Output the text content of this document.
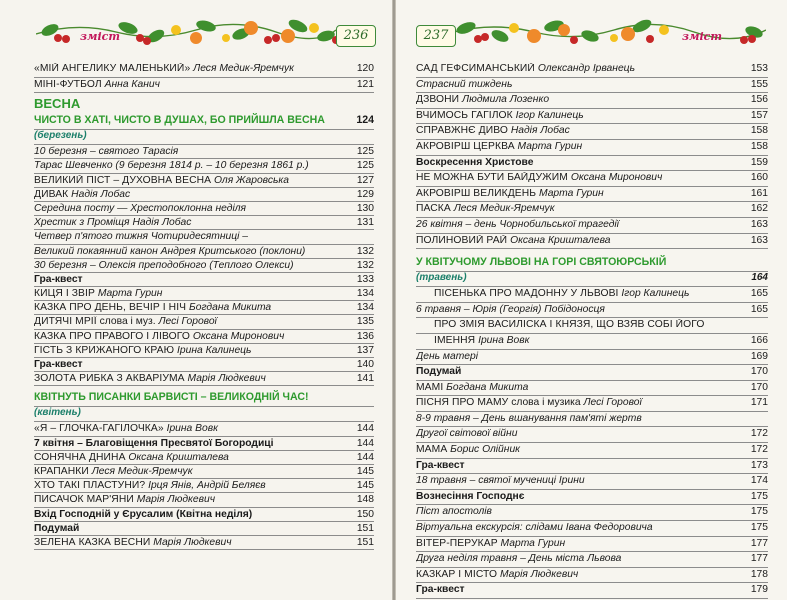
зміст	236
«МІЙ АНГЕЛИКУ МАЛЕНЬКИЙ» Леся Медик-Яремчук	120
МІНІ-ФУТБОЛ Анна Канич	121
ВЕСНА
ЧИСТО В ХАТІ, ЧИСТО В ДУШАХ, БО ПРИЙШЛА ВЕСНА	124
(березень)
10 березня – святого Тарасія	125
Тарас Шевченко (9 березня 1814 р. – 10 березня 1861 р.)	125
ВЕЛИКИЙ ПІСТ – ДУХОВНА ВЕСНА Оля Жаровська	127
ДИВАК Надія Лобас	129
Середина посту — Хрестопоклонна неділя	130
Хрестик з Проміщя Надія Лобас	131
Четвер п'ятого тижня Чотиридесятниці –
Великий покаянний канон Андрея Критського (поклони)	132
30 березня – Олексія преподобного (Теплого Олекси)	132
Гра-квест	133
КИЦЯ І ЗВІР Марта Гурин	134
КАЗКА ПРО ДЕНЬ, ВЕЧІР І НІЧ Богдана Микита	134
ДИТЯЧІ МРІЇ слова і муз. Лесі Горової	135
КАЗКА ПРО ПРАВОГО І ЛІВОГО Оксана Миронович	136
ГІСТЬ З КРИЖАНОГО КРАЮ Ірина Калинець	137
Гра-квест	140
ЗОЛОТА РИБКА З АКВАРІУМА Марія Людкевич	141
КВІТНУТЬ ПИСАНКИ БАРВИСТІ – ВЕЛИКОДНІЙ ЧАС!
(квітень)
«Я – ГЛОЧКА-ГАГІЛОЧКА» Ірина Вовк	144
7 квітня – Благовіщення Пресвятої Богородиці	144
СОНЯЧНА ДНИНА Оксана Кришталева	144
КРАПАНКИ Леся Медик-Яремчук	145
ХТО ТАКІ ПЛАСТУНИ? Ірця Янів, Андрій Беляєв	145
ПИСАЧОК МАР'ЯНИ Марія Людкевич	148
Вхід Господній у Єрусалим (Квітна неділя)	150
Подумай	151
ЗЕЛЕНА КАЗКА ВЕСНИ Марія Людкевич	151
237	зміст
САД ГЕФСИМАНСЬКИЙ Олександр Ірванець	153
Страсний тиждень	155
ДЗВОНИ Людмила Лозенко	156
ВЧИМОСЬ ГАГІЛОК Ігор Калинець	157
СПРАВЖНЄ ДИВО Надія Лобас	158
АКРОВІРШ ЦЕРКВА Марта Гурин	158
Воскресення Христове	159
НЕ МОЖНА БУТИ БАЙДУЖИМ Оксана Миронович	160
АКРОВІРШ ВЕЛИКДЕНЬ Марта Гурин	161
ПАСКА Леся Медик-Яремчук	162
26 квітня – день Чорнобильської трагедії	163
ПОЛИНОВИЙ РАЙ Оксана Кришталева	163
У КВІТУЧОМУ ЛЬВОВІ НА ГОРІ СВЯТОЮРСЬКІЙ
(травень)	164
ПІСЕНЬКА ПРО МАДОННУ У ЛЬВОВІ Ігор Калинець	165
6 травня – Юрія (Георгія) Побідоносця	165
ПРО ЗМІЯ ВАСИЛІСКА І КНЯЗЯ, ЩО ВЗЯВ СОБІ ЙОГО
ІМЕННЯ Ірина Вовк	166
День матері	169
Подумай	170
МАМІ Богдана Микита	170
ПІСНЯ ПРО МАМУ слова і музика Лесі Горової	171
8-9 травня – День вшанування пам'яті жертв
Другої світової війни	172
МАМА Борис Олійник	172
Гра-квест	173
18 травня – святої мучениці Ірини	174
Вознесіння Господнє	175
Піст апостолів	175
Віртуальна екскурсія: слідами Івана Федоровича	175
ВІТЕР-ПЕРУКАР Марта Гурин	177
Друга неділя травня – День міста Львова	177
КАЗКАР І МІСТО Марія Людкевич	178
Гра-квест	179
